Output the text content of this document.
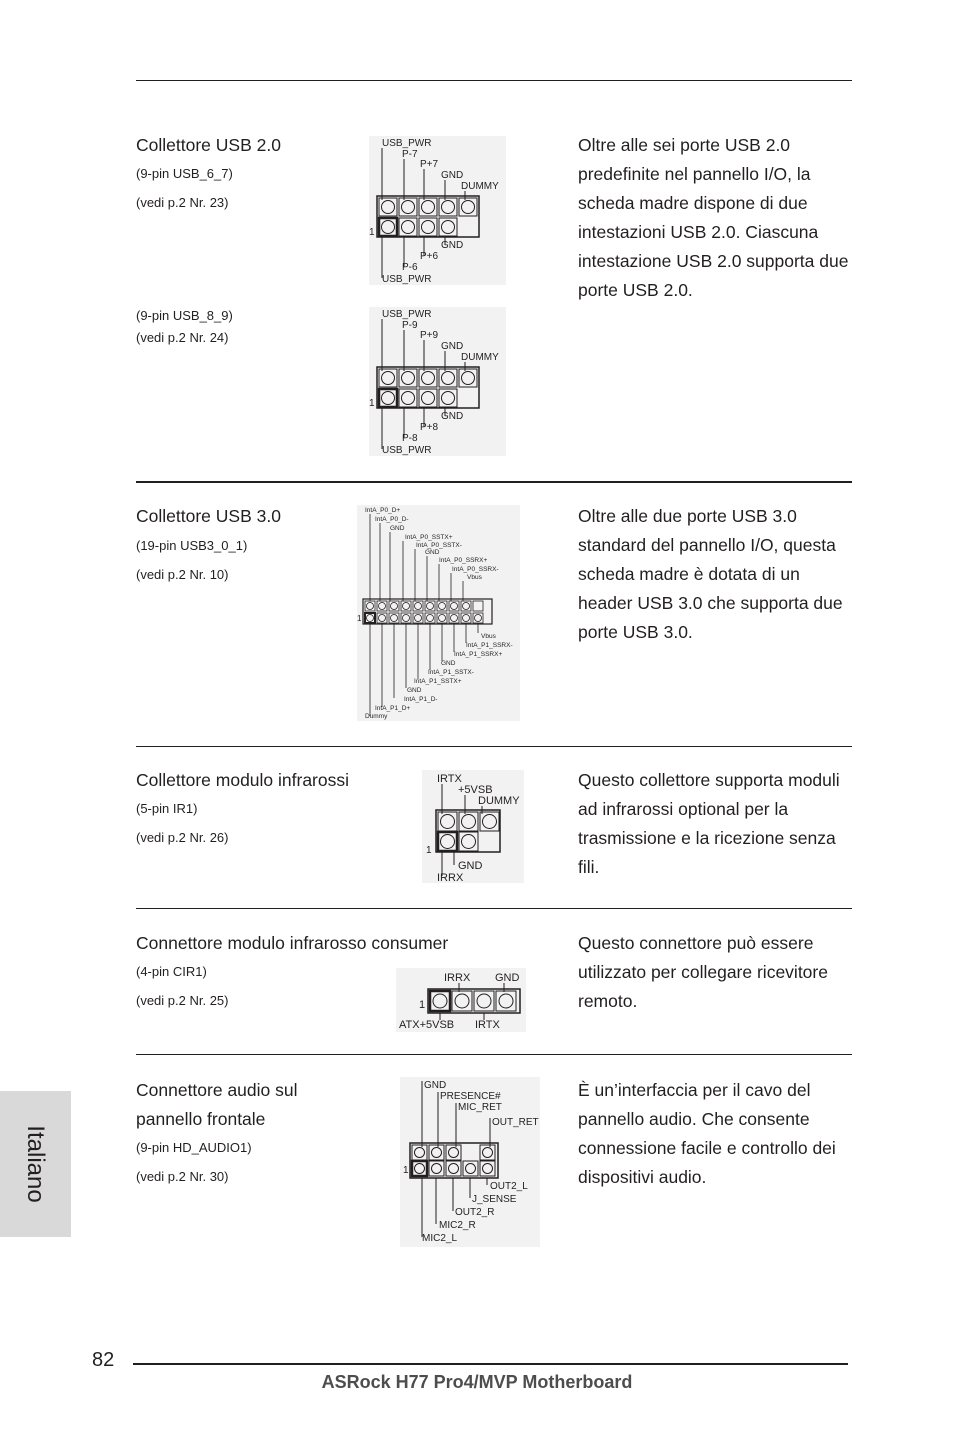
Collettore USB 2.0
(9-pin USB_6_7)
(vedi p.2 Nr. 23)
(9-pin USB_8_9)
(vedi p.2 Nr. 24)
Oltre alle sei porte USB 2.0 predefinite nel pannello I/O, la scheda madre dispone di due intestazioni USB 2.0. Ciascuna intestazione USB 2.0 supporta due porte USB 2.0.
USB_PWR
P-7
P+7
GND
DUMMY
1
GND
P+6
P-6
USB_PWR
USB_PWR
P-9
P+9
GND
DUMMY
1
GND
P+8
P-8
USB_PWR
Collettore USB 3.0
(19-pin USB3_0_1)
(vedi p.2 Nr. 10)
Oltre alle due porte USB 3.0 standard del pannello I/O, questa scheda madre è dotata di un header USB 3.0 che supporta due porte USB 3.0.
IntA_P0_D+
IntA_P0_D-
GND
IntA_P0_SSTX+
IntA_P0_SSTX-
GND
IntA_P0_SSRX+
IntA_P0_SSRX-
Vbus
1
Vbus
IntA_P1_SSRX-
IntA_P1_SSRX+
GND
IntA_P1_SSTX-
IntA_P1_SSTX+
GND
IntA_P1_D-
IntA_P1_D+
Dummy
Collettore modulo infrarossi
(5-pin IR1)
(vedi p.2 Nr. 26)
Questo collettore supporta moduli ad infrarossi optional per la trasmissione e la ricezione senza fili.
IRTX
+5VSB
DUMMY
1
GND
IRRX
Connettore modulo infrarosso consumer
(4-pin CIR1)
(vedi p.2 Nr. 25)
Questo connettore può essere utilizzato per collegare ricevitore remoto.
IRRX GND
1
ATX+5VSB IRTX
Connettore audio sul pannello frontale
(9-pin HD_AUDIO1)
(vedi p.2 Nr. 30)
È un’interfaccia per il cavo del pannello audio. Che consente connessione facile e controllo dei dispositivi audio.
GND
PRESENCE#
MIC_RET
OUT_RET
1
OUT2_L
J_SENSE
OUT2_R
MIC2_R
MIC2_L
Italiano
82
ASRock H77 Pro4/MVP Motherboard
